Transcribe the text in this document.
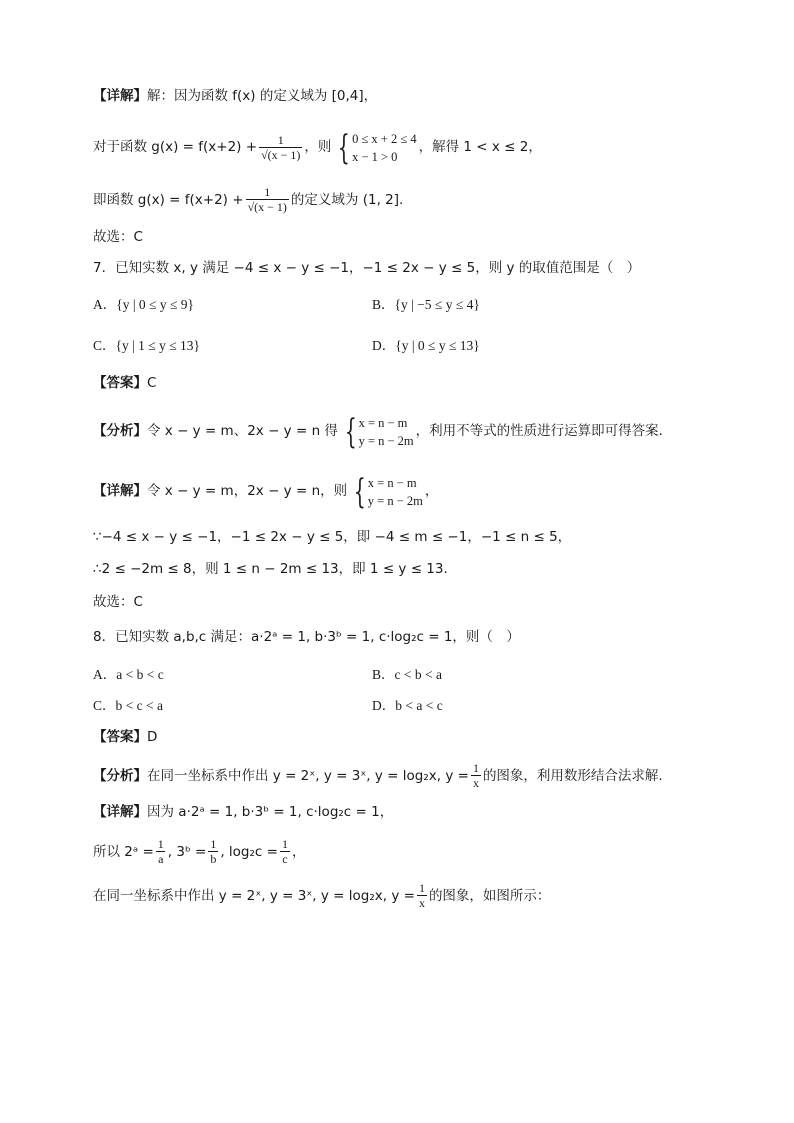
【详解】解：因为函数 f(x) 的定义域为 [0,4]，
对于函数 $g(x) = f(x+2) + \frac{1}{√(x - 1)}$ ，则 { 0 ≤ x + 2 ≤ 4
x − 1 > 0
，解得 1 < x ≤ 2，
即函数 $g(x) = f(x+2) + \frac{1}{√(x - 1)}$ 的定义域为 (1, 2].
故选：C
7．已知实数 x, y 满足 −4 ≤ x − y ≤ −1，−1 ≤ 2x − y ≤ 5，则 y 的取值范围是（　）
A．{y | 0 ≤ y ≤ 9}	B．{y | −5 ≤ y ≤ 4}
C．{y | 1 ≤ y ≤ 13}	D．{y | 0 ≤ y ≤ 13}
【答案】C
【分析】 令 x − y = m、2x − y = n 得 { x = n − m
y = n − 2m
，利用不等式的性质进行运算即可得答案．
【详解】 令 x − y = m，2x − y = n，则 { x = n − m
y = n − 2m
，
∵−4 ≤ x − y ≤ −1，−1 ≤ 2x − y ≤ 5，即 −4 ≤ m ≤ −1，−1 ≤ n ≤ 5，
∴2 ≤ −2m ≤ 8，则 1 ≤ n − 2m ≤ 13，即 1 ≤ y ≤ 13.
故选：C
8．已知实数 a,b,c 满足：a·2ᵃ = 1, b·3ᵇ = 1, c·log₂c = 1，则（　）
A．a < b < c	B．c < b < a
C．b < c < a	D．b < a < c
【答案】D
【分析】 在同一坐标系中作出 y = 2ˣ, y = 3ˣ, y = log₂x, $y = \frac{1}{x}$ 的图象，利用数形结合法求解.
【详解】因为 a·2ᵃ = 1, b·3ᵇ = 1, c·log₂c = 1，
所以 2ᵃ = $\frac{1}{a}$ , 3ᵇ = $\frac{1}{b}$ , $\log_2c = \frac{1}{c}$ ，
在同一坐标系中作出 y = 2ˣ, y = 3ˣ, y = log₂x, $y = \frac{1}{x}$ 的图象，如图所示：
